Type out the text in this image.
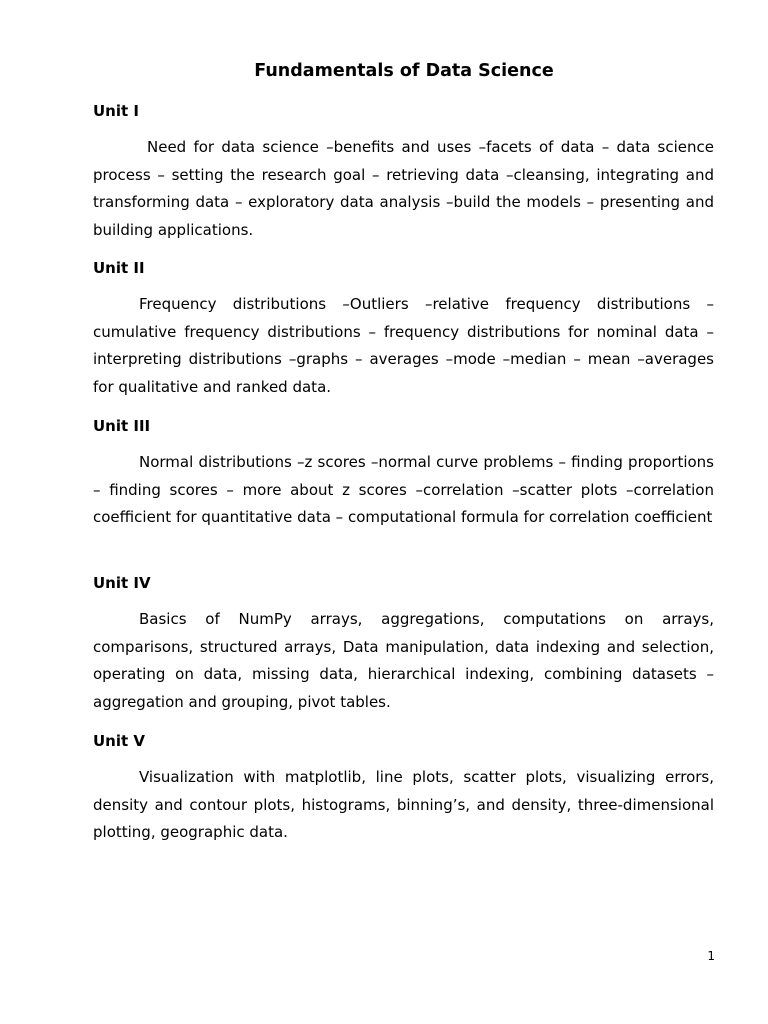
Fundamentals of Data Science
Unit I
Need for data science –benefits and uses –facets of data – data science process – setting the research goal – retrieving data –cleansing, integrating and transforming data – exploratory data analysis –build the models – presenting and building applications.
Unit II
Frequency distributions –Outliers –relative frequency distributions – cumulative frequency distributions – frequency distributions for nominal data –interpreting distributions –graphs – averages –mode –median – mean –averages for qualitative and ranked data.
Unit III
Normal distributions –z scores –normal curve problems – finding proportions – finding scores – more about z scores –correlation –scatter plots –correlation coefficient for quantitative data – computational formula for correlation coefficient
Unit IV
Basics of NumPy arrays, aggregations, computations on arrays, comparisons, structured arrays, Data manipulation, data indexing and selection, operating on data, missing data, hierarchical indexing, combining datasets –aggregation and grouping, pivot tables.
Unit V
Visualization with matplotlib, line plots, scatter plots, visualizing errors, density and contour plots, histograms, binning’s, and density, three-dimensional plotting, geographic data.
1
